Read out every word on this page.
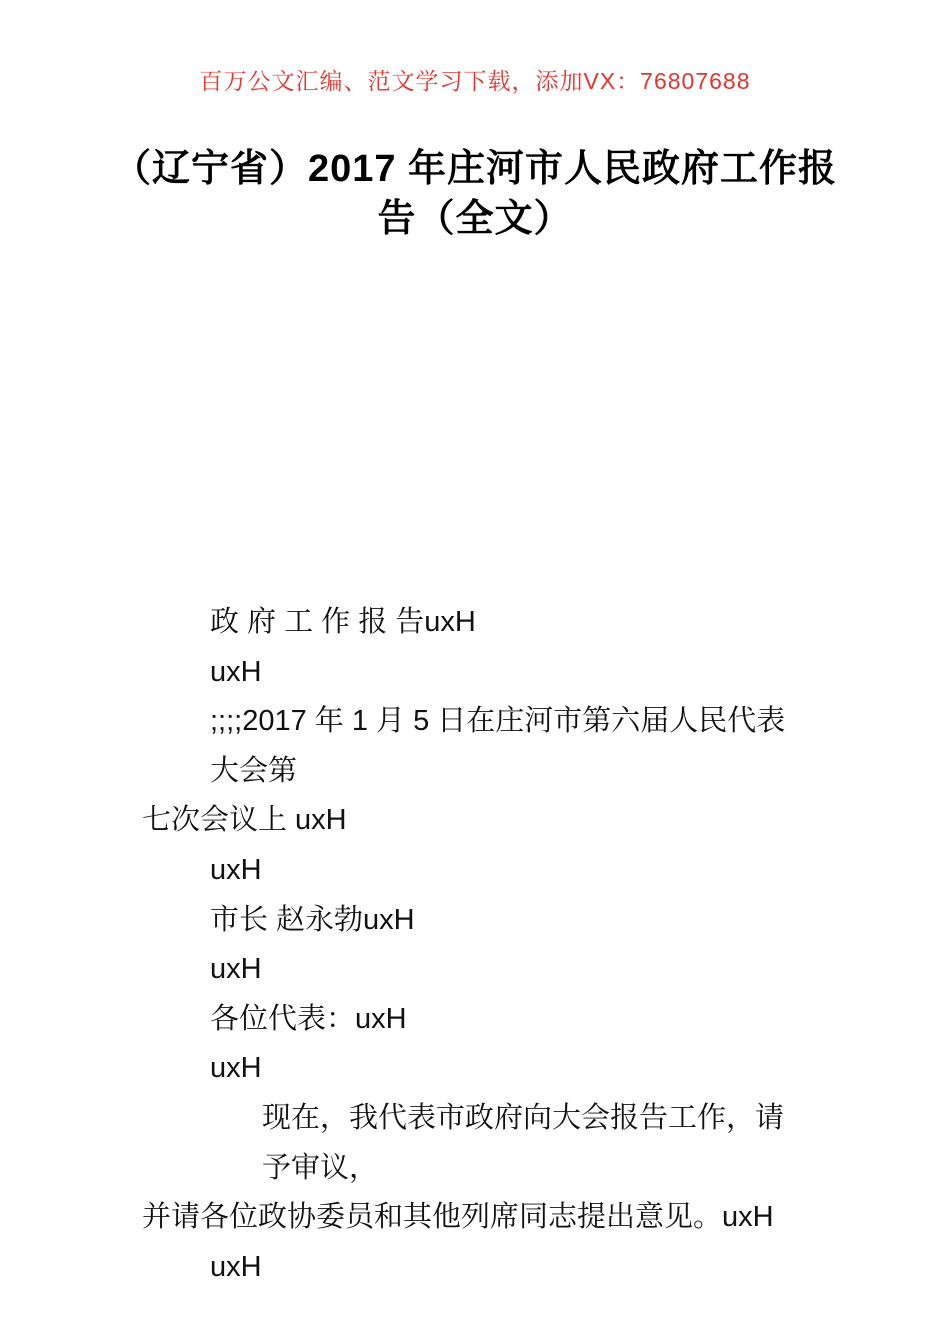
百万公文汇编、范文学习下载，添加VX：76807688
（辽宁省）2017 年庄河市人民政府工作报
告（全文）
政 府 工 作 报 告uxH
uxH
;;;;2017 年 1 月 5 日在庄河市第六届人民代表大会第
七次会议上 uxH
uxH
市长 赵永勃uxH
uxH
各位代表：uxH
uxH
现在，我代表市政府向大会报告工作，请予审议，
并请各位政协委员和其他列席同志提出意见。uxH
uxH
